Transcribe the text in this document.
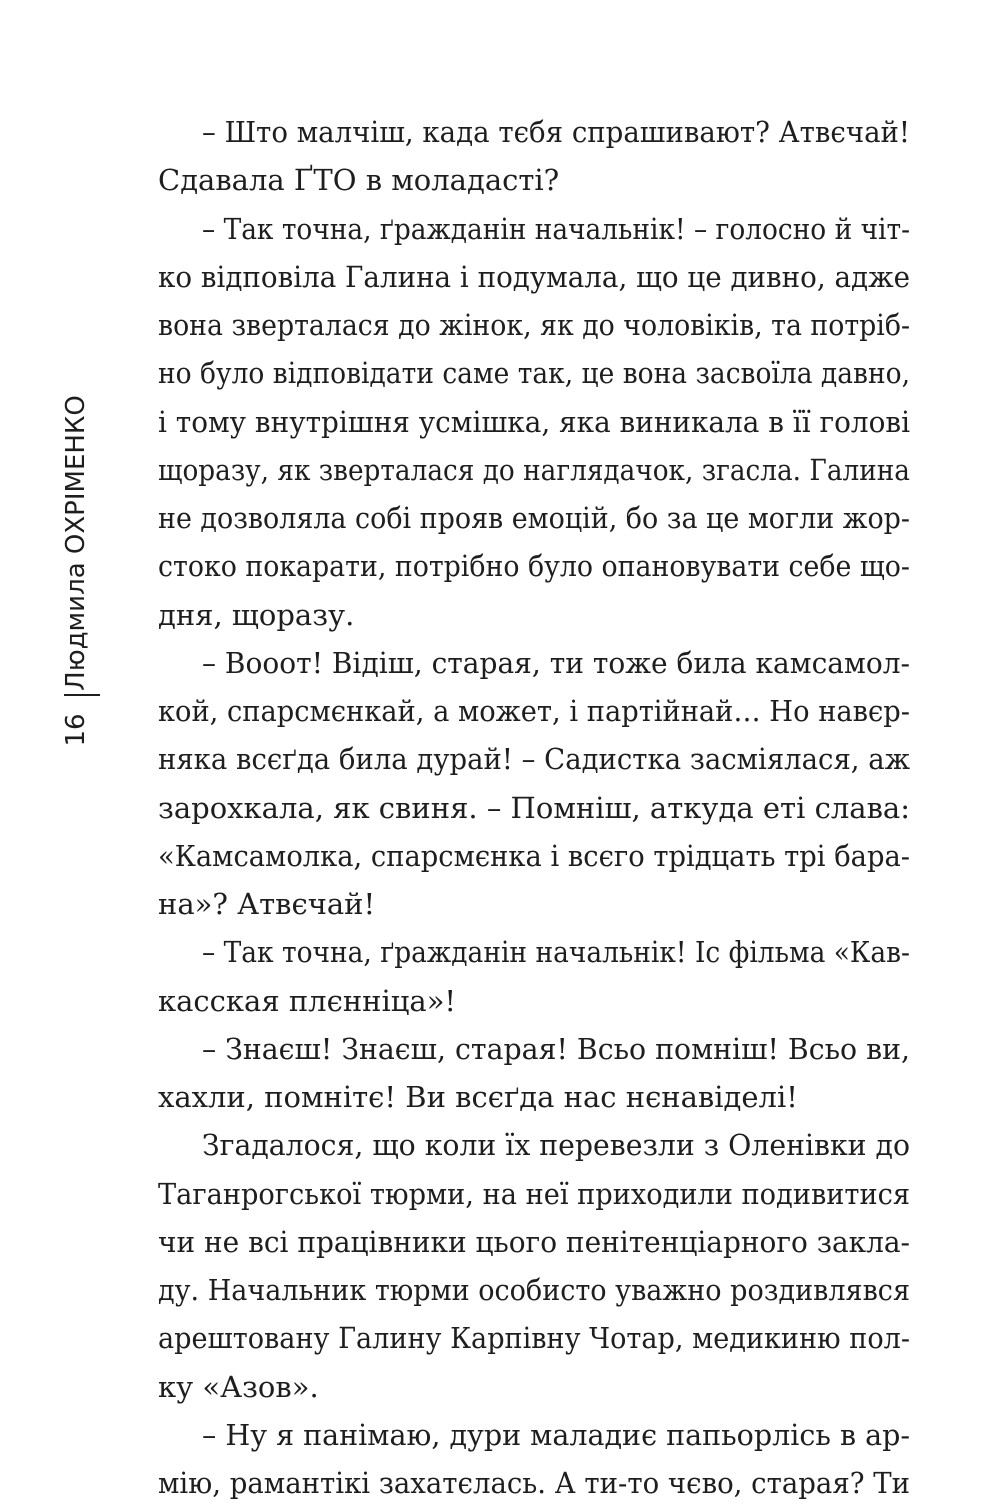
Людмила ОХРІМЕНКО
16
– Што малчіш, када тєбя спрашивают? Атвєчай!
Сдавала ҐТО в моладасті?
– Так точна, ґражданін начальнік! – голосно й чіт-
ко відповіла Галина і подумала, що це дивно, адже
вона зверталася до жінок, як до чоловіків, та потріб-
но було відповідати саме так, це вона засвоїла давно,
і тому внутрішня усмішка, яка виникала в її голові
щоразу, як зверталася до наглядачок, згасла. Галина
не дозволяла собі прояв емоцій, бо за це могли жор-
стоко покарати, потрібно було опановувати себе що-
дня, щоразу.
– Вооот! Відіш, старая, ти тоже била камсамол-
кой, спарсмєнкай, а может, і партійнай… Но навєр-
няка всєґда била дурай! – Садистка засміялася, аж
зарохкала, як свиня. – Помніш, аткуда еті слава:
«Камсамолка, спарсмєнка і всєго трідцать трі бара-
на»? Атвєчай!
– Так точна, ґражданін начальнік! Іс фільма «Кав-
касская плєнніца»!
– Знаєш! Знаєш, старая! Всьо помніш! Всьо ви,
хахли, помнітє! Ви всєґда нас нєнавіделі!
Згадалося, що коли їх перевезли з Оленівки до
Таганрогської тюрми, на неї приходили подивитися
чи не всі працівники цього пенітенціарного закла-
ду. Начальник тюрми особисто уважно роздивлявся
арештовану Галину Карпівну Чотар, медикиню пол-
ку «Азов».
– Ну я панімаю, дури маладиє папьорлісь в ар-
мію, рамантікі захатєлась. А ти-то чєво, старая? Ти
